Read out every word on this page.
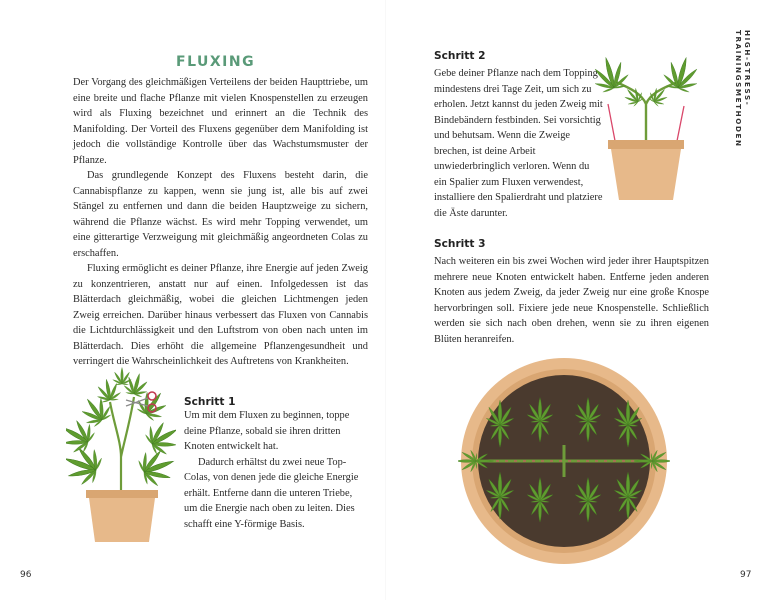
FLUXING

Der Vorgang des gleichmäßigen Verteilens der beiden Haupttriebe, um eine breite und flache Pflanze mit vielen Knospenstellen zu erzeugen wird als Fluxing bezeichnet und erinnert an die Technik des Manifolding. Der Vorteil des Fluxens gegenüber dem Manifolding ist jedoch die vollständige Kontrolle über das Wachstumsmuster der Pflanze.

Das grundlegende Konzept des Fluxens besteht darin, die Cannabispflanze zu kappen, wenn sie jung ist, alle bis auf zwei Stängel zu entfernen und dann die beiden Hauptzweige zu sichern, während die Pflanze wächst. Es wird mehr Topping verwendet, um eine gitterartige Verzweigung mit gleichmäßig angeordneten Colas zu erschaffen.

Fluxing ermöglicht es deiner Pflanze, ihre Energie auf jeden Zweig zu konzentrieren, anstatt nur auf einen. Infolgedessen ist das Blätterdach gleichmäßig, wobei die gleichen Lichtmengen jeden Zweig erreichen. Darüber hinaus verbessert das Fluxen von Cannabis die Lichtdurchlässigkeit und den Luftstrom von oben nach unten im Blätterdach. Dies erhöht die allgemeine Pflanzengesundheit und verringert die Wahrscheinlichkeit des Auftretens von Krankheiten.

Schritt 1

Um mit dem Fluxen zu beginnen, toppe deine Pflanze, sobald sie ihren dritten Knoten entwickelt hat.

Dadurch erhältst du zwei neue Top-Colas, von denen jede die gleiche Energie erhält. Entferne dann die unteren Triebe, um die Energie nach oben zu leiten. Dies schafft eine Y-förmige Basis.

96

Schritt 2

Gebe deiner Pflanze nach dem Topping mindestens drei Tage Zeit, um sich zu erholen. Jetzt kannst du jeden Zweig mit Bindebändern festbinden. Sei vorsichtig und behutsam. Wenn die Zweige brechen, ist deine Arbeit unwiederbringlich verloren. Wenn du ein Spalier zum Fluxen verwendest, installiere den Spalierdraht und platziere die Äste darunter.

Schritt 3

Nach weiteren ein bis zwei Wochen wird jeder ihrer Hauptspitzen mehrere neue Knoten entwickelt haben. Entferne jeden anderen Knoten aus jedem Zweig, da jeder Zweig nur eine große Knospe hervorbringen soll. Fixiere jede neue Knospenstelle. Schließlich werden sie sich nach oben drehen, wenn sie zu ihren eigenen Blüten heranreifen.

HIGH-STRESS-TRAININGSMETHODEN
97
